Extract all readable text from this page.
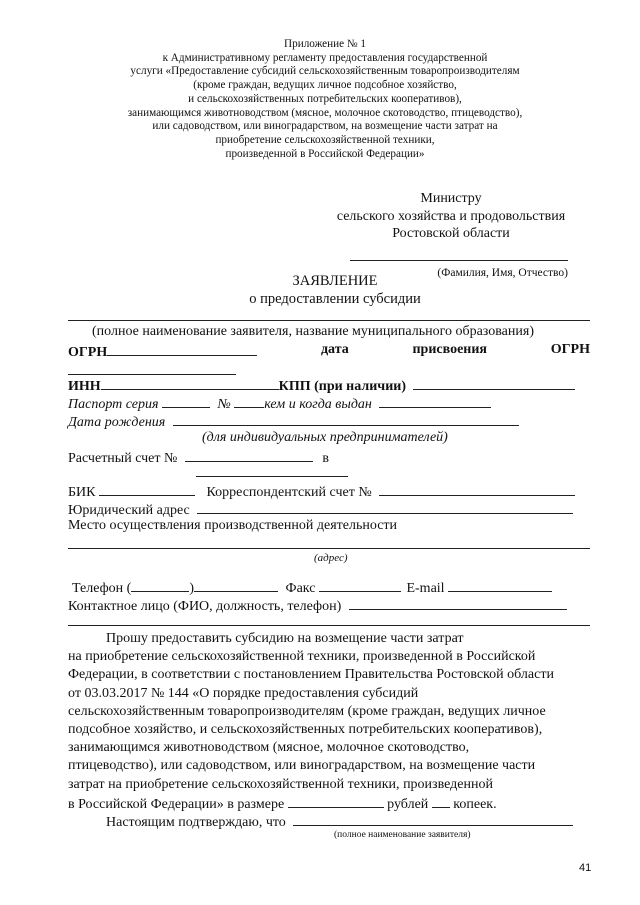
Приложение № 1
к Административному регламенту предоставления государственной
услуги «Предоставление субсидий сельскохозяйственным товаропроизводителям
(кроме граждан, ведущих личное подсобное хозяйство,
и сельскохозяйственных потребительских кооперативов),
занимающимся животноводством (мясное, молочное скотоводство, птицеводство),
или садоводством, или виноградарством, на возмещение части затрат на
приобретение сельскохозяйственной техники,
произведенной в Российской Федерации»
Министру
сельского хозяйства и продовольствия
Ростовской области
(Фамилия, Имя, Отчество)
ЗАЯВЛЕНИЕ
о предоставлении субсидии
(полное наименование заявителя, название муниципального образования)
ОГРН	дата	присвоения	ОГРН
ИНН	КПП (при наличии)
Паспорт серия	№ кем и когда выдан
Дата рождения
(для индивидуальных предпринимателей)
Расчетный счет №	в
БИК	Корреспондентский счет №
Юридический адрес
Место осуществления производственной деятельности
(адрес)
Телефон (	)	Факс	E-mail
Контактное лицо (ФИО, должность, телефон)
Прошу предоставить субсидию на возмещение части затрат
на приобретение сельскохозяйственной техники, произведенной в Российской
Федерации, в соответствии с постановлением Правительства Ростовской области
от 03.03.2017 № 144 «О порядке предоставления субсидий
сельскохозяйственным товаропроизводителям (кроме граждан, ведущих личное
подсобное хозяйство, и сельскохозяйственных потребительских кооперативов),
занимающимся животноводством (мясное, молочное скотоводство,
птицеводство), или садоводством, или виноградарством, на возмещение части
затрат на приобретение сельскохозяйственной техники, произведенной
в Российской Федерации» в размере	рублей копеек.
Настоящим подтверждаю, что
(полное наименование заявителя)
41
